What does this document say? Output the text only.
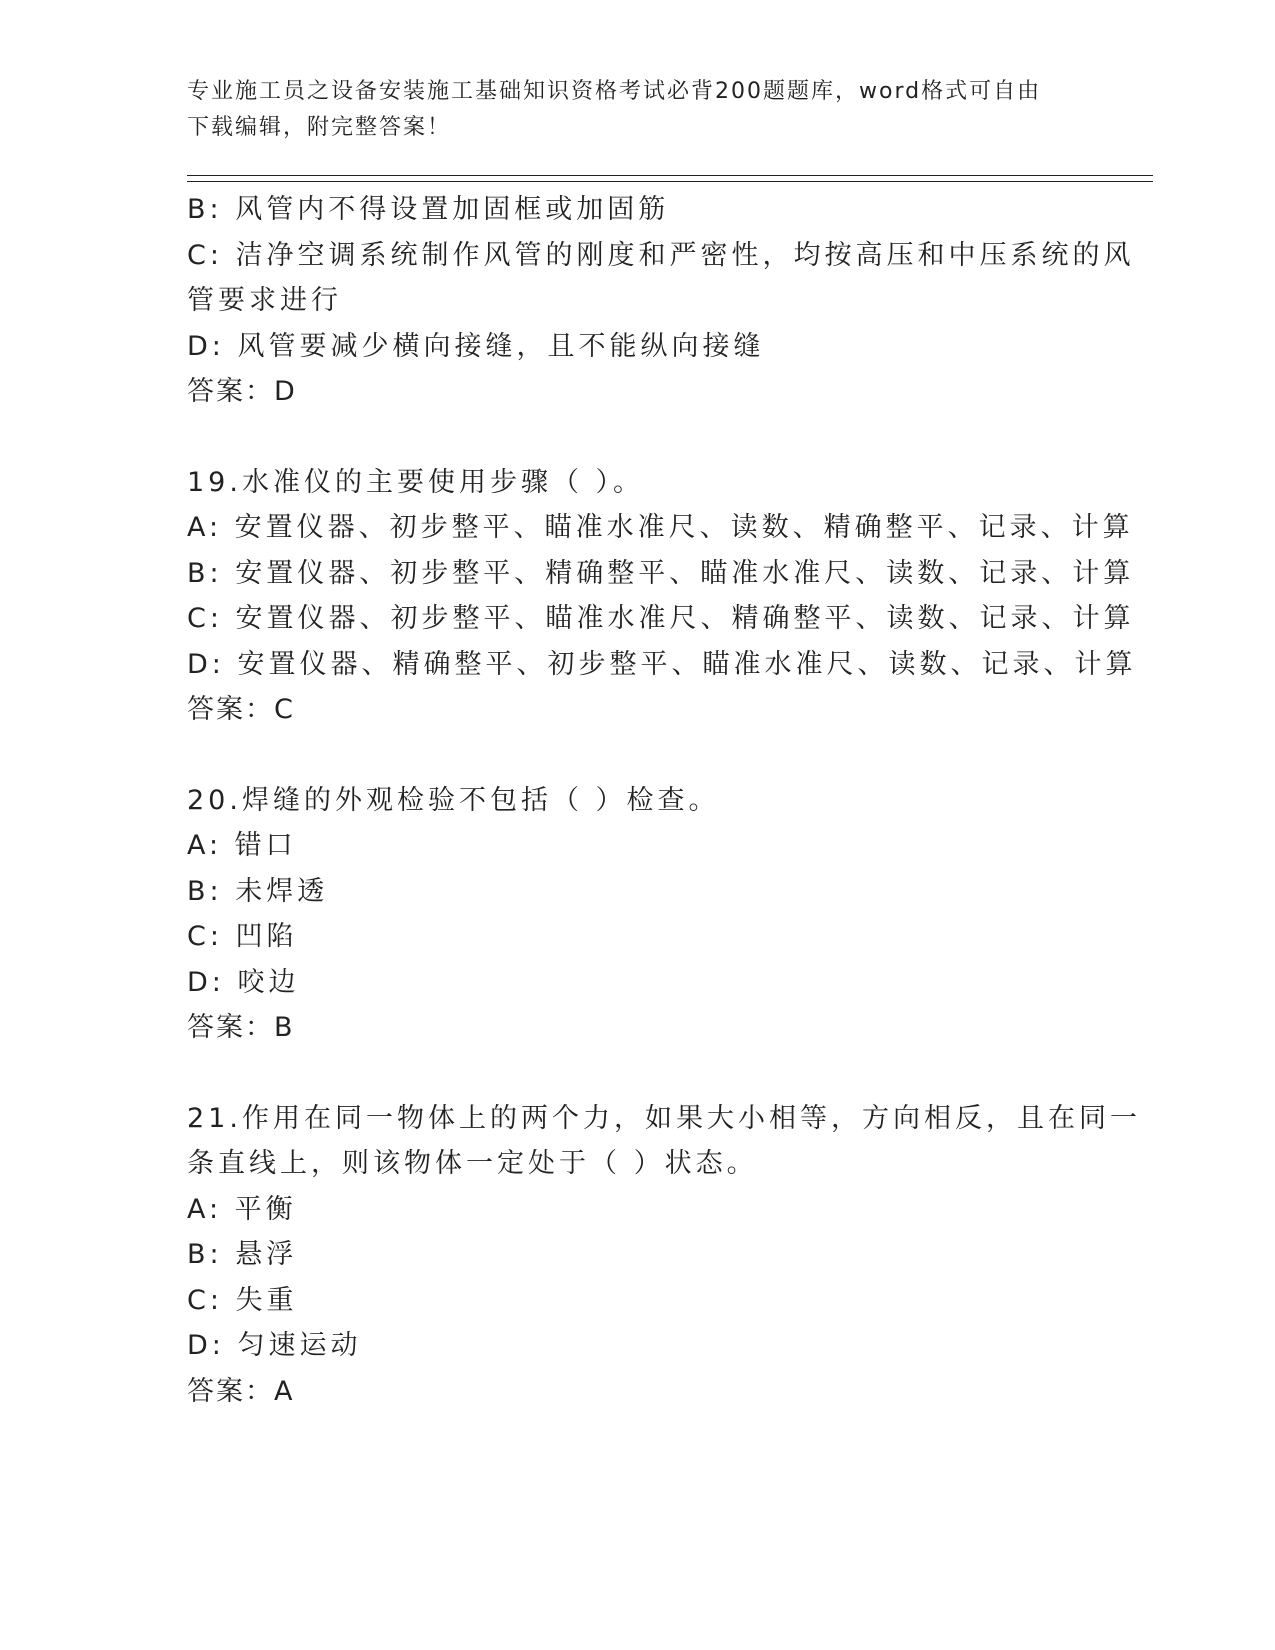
专业施工员之设备安装施工基础知识资格考试必背200题题库，word格式可自由
下载编辑，附完整答案！
B: 风管内不得设置加固框或加固筋
C: 洁净空调系统制作风管的刚度和严密性，均按高压和中压系统的风
管要求进行
D: 风管要减少横向接缝，且不能纵向接缝
答案：D
19.水准仪的主要使用步骤（ ）。
A: 安置仪器、初步整平、瞄准水准尺、读数、精确整平、记录、计算
B: 安置仪器、初步整平、精确整平、瞄准水准尺、读数、记录、计算
C: 安置仪器、初步整平、瞄准水准尺、精确整平、读数、记录、计算
D: 安置仪器、精确整平、初步整平、瞄准水准尺、读数、记录、计算
答案：C
20.焊缝的外观检验不包括（ ）检查。
A: 错口
B: 未焊透
C: 凹陷
D: 咬边
答案：B
21.作用在同一物体上的两个力，如果大小相等，方向相反，且在同一
条直线上，则该物体一定处于（ ）状态。
A: 平衡
B: 悬浮
C: 失重
D: 匀速运动
答案：A
